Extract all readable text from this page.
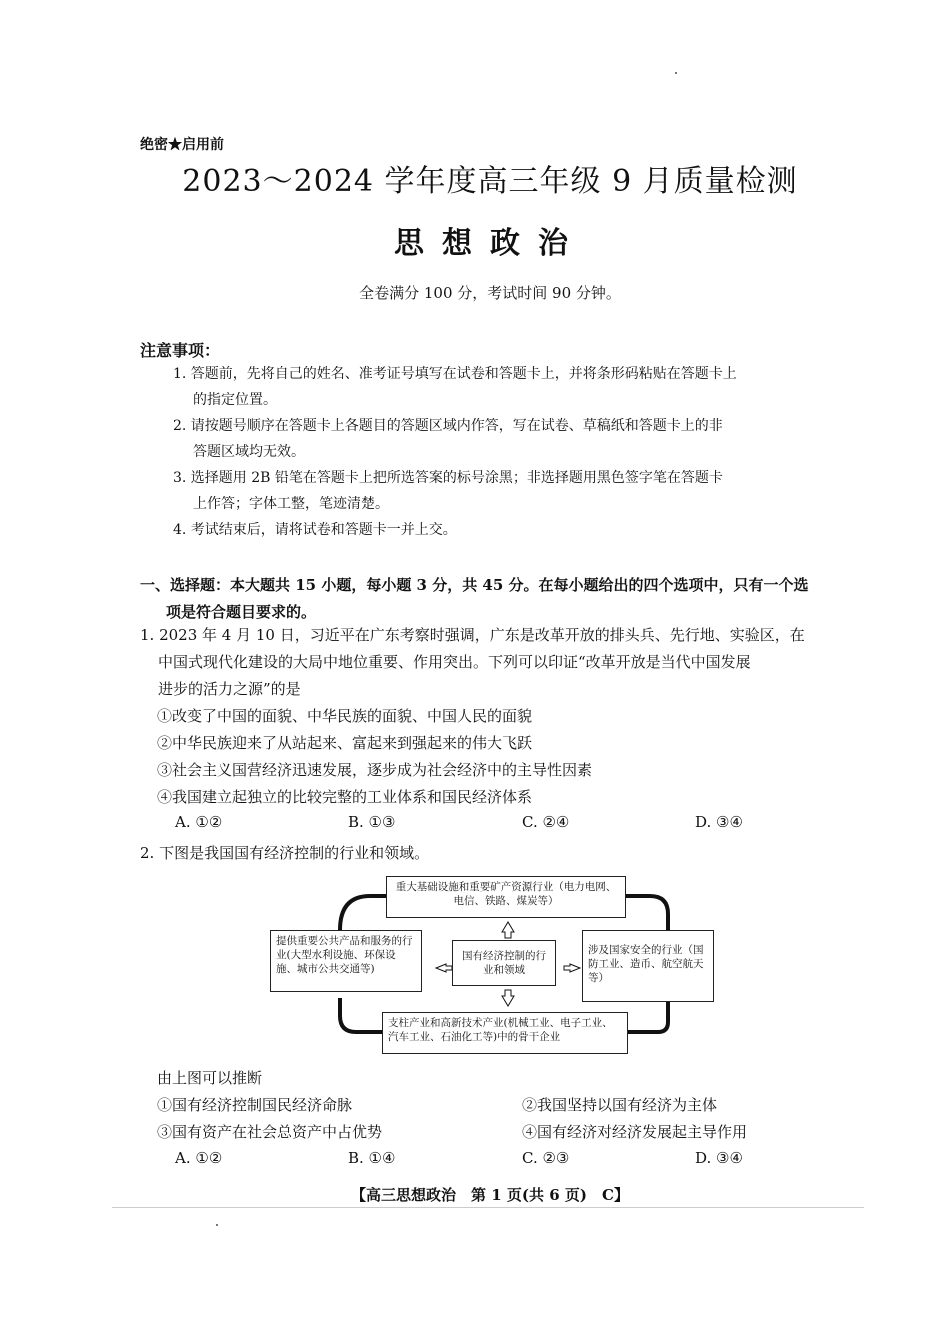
绝密★启用前
2023～2024 学年度高三年级 9 月质量检测
思想政治
全卷满分 100 分，考试时间 90 分钟。
注意事项：
1. 答题前，先将自己的姓名、准考证号填写在试卷和答题卡上，并将条形码粘贴在答题卡上
的指定位置。
2. 请按题号顺序在答题卡上各题目的答题区域内作答，写在试卷、草稿纸和答题卡上的非
答题区域均无效。
3. 选择题用 2B 铅笔在答题卡上把所选答案的标号涂黑；非选择题用黑色签字笔在答题卡
上作答；字体工整，笔迹清楚。
4. 考试结束后，请将试卷和答题卡一并上交。
一、选择题：本大题共 15 小题，每小题 3 分，共 45 分。在每小题给出的四个选项中，只有一个选
项是符合题目要求的。
1. 2023 年 4 月 10 日，习近平在广东考察时强调，广东是改革开放的排头兵、先行地、实验区，在
中国式现代化建设的大局中地位重要、作用突出。下列可以印证“改革开放是当代中国发展
进步的活力之源”的是
①改变了中国的面貌、中华民族的面貌、中国人民的面貌
②中华民族迎来了从站起来、富起来到强起来的伟大飞跃
③社会主义国营经济迅速发展，逐步成为社会经济中的主导性因素
④我国建立起独立的比较完整的工业体系和国民经济体系
A. ①②	B. ①③	C. ②④	D. ③④
2. 下图是我国国有经济控制的行业和领域。
重大基础设施和重要矿产资源行业（电力电网、电信、铁路、煤炭等）
提供重要公共产品和服务的行业(大型水利设施、环保设施、城市公共交通等)
国有经济控制的行业和领域
涉及国家安全的行业（国防工业、造币、航空航天等）
支柱产业和高新技术产业(机械工业、电子工业、汽车工业、石油化工等)中的骨干企业
由上图可以推断
①国有经济控制国民经济命脉	②我国坚持以国有经济为主体
③国有资产在社会总资产中占优势	④国有经济对经济发展起主导作用
A. ①②	B. ①④	C. ②③	D. ③④
【高三思想政治　第 1 页(共 6 页)　C】
